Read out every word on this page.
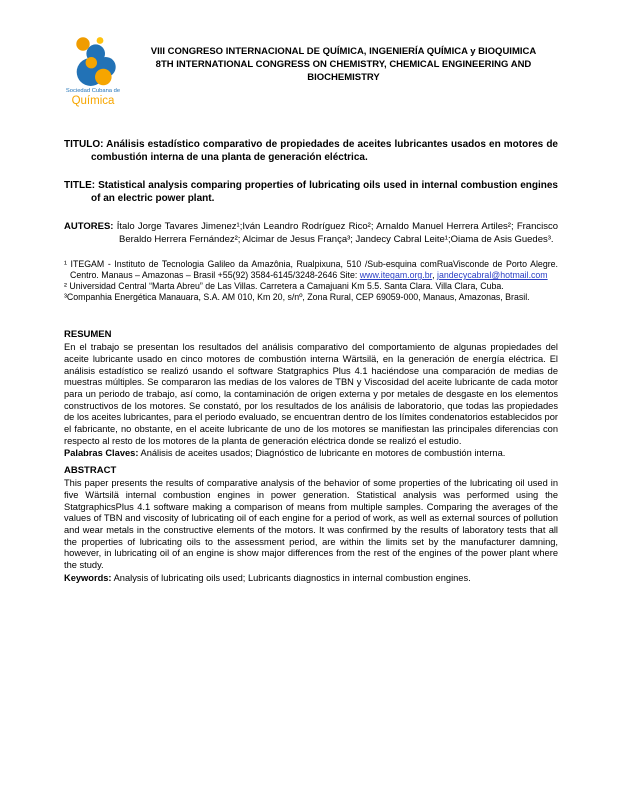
Sociedad Cubana de
Química
VIII CONGRESO INTERNACIONAL DE QUÍMICA, INGENIERÍA QUÍMICA y BIOQUIMICA
8TH INTERNATIONAL CONGRESS ON CHEMISTRY, CHEMICAL ENGINEERING AND BIOCHEMISTRY

TITULO: Análisis estadístico comparativo de propiedades de aceites lubricantes usados en motores de combustión interna de una planta de generación eléctrica.

TITLE: Statistical analysis comparing properties of lubricating oils used in internal combustion engines of an electric power plant.

AUTORES: Ítalo Jorge Tavares Jimenez¹;Iván Leandro Rodríguez Rico²; Arnaldo Manuel Herrera Artiles²; Francisco Beraldo Herrera Fernández²; Alcimar de Jesus França³; Jandecy Cabral Leite¹;Oiama de Asis Guedes³.

¹ ITEGAM - Instituto de Tecnologia Galileo da Amazônia, Rualpixuna, 510 /Sub-esquina comRuaVisconde de Porto Alegre. Centro. Manaus – Amazonas – Brasil +55(92) 3584-6145/3248-2646 Site: www.itegam.org.br, jandecycabral@hotmail.com

² Universidad Central “Marta Abreu” de Las Villas. Carretera a Camajuani Km 5.5. Santa Clara. Villa Clara, Cuba.

³Companhia Energética Manauara, S.A. AM 010, Km 20, s/nº, Zona Rural, CEP 69059-000, Manaus, Amazonas, Brasil.

RESUMEN

En el trabajo se presentan los resultados del análisis comparativo del comportamiento de algunas propiedades del aceite lubricante usado en cinco motores de combustión interna Wärtsilä, en la generación de energía eléctrica. El análisis estadístico se realizó usando el software Statgraphics Plus 4.1 haciéndose una comparación de medias de muestras múltiples. Se compararon las medias de los valores de TBN y Viscosidad del aceite lubricante de cada motor para un periodo de trabajo, así como, la contaminación de origen externa y por metales de desgaste en los elementos constructivos de los motores. Se constató, por los resultados de los análisis de laboratorio, que todas las propiedades de los aceites lubricantes, para el periodo evaluado, se encuentran dentro de los límites condenatorios establecidos por el fabricante, no obstante, en el aceite lubricante de uno de los motores se manifiestan las principales diferencias con respecto al resto de los motores de la planta de generación eléctrica donde se realizó el estudio.

Palabras Claves: Análisis de aceites usados; Diagnóstico de lubricante en motores de combustión interna.

ABSTRACT

This paper presents the results of comparative analysis of the behavior of some properties of the lubricating oil used in five Wärtsilä internal combustion engines in power generation. Statistical analysis was performed using the StatgraphicsPlus 4.1 software making a comparison of means from multiple samples. Comparing the averages of the values of TBN and viscosity of lubricating oil of each engine for a period of work, as well as external sources of pollution and wear metals in the constructive elements of the motors. It was confirmed by the results of laboratory tests that all the properties of lubricating oils to the assessment period, are within the limits set by the manufacturer damning, however, in lubricating oil of an engine is show major differences from the rest of the engines of the power plant where the study.

Keywords: Analysis of lubricating oils used; Lubricants diagnostics in internal combustion engines.
